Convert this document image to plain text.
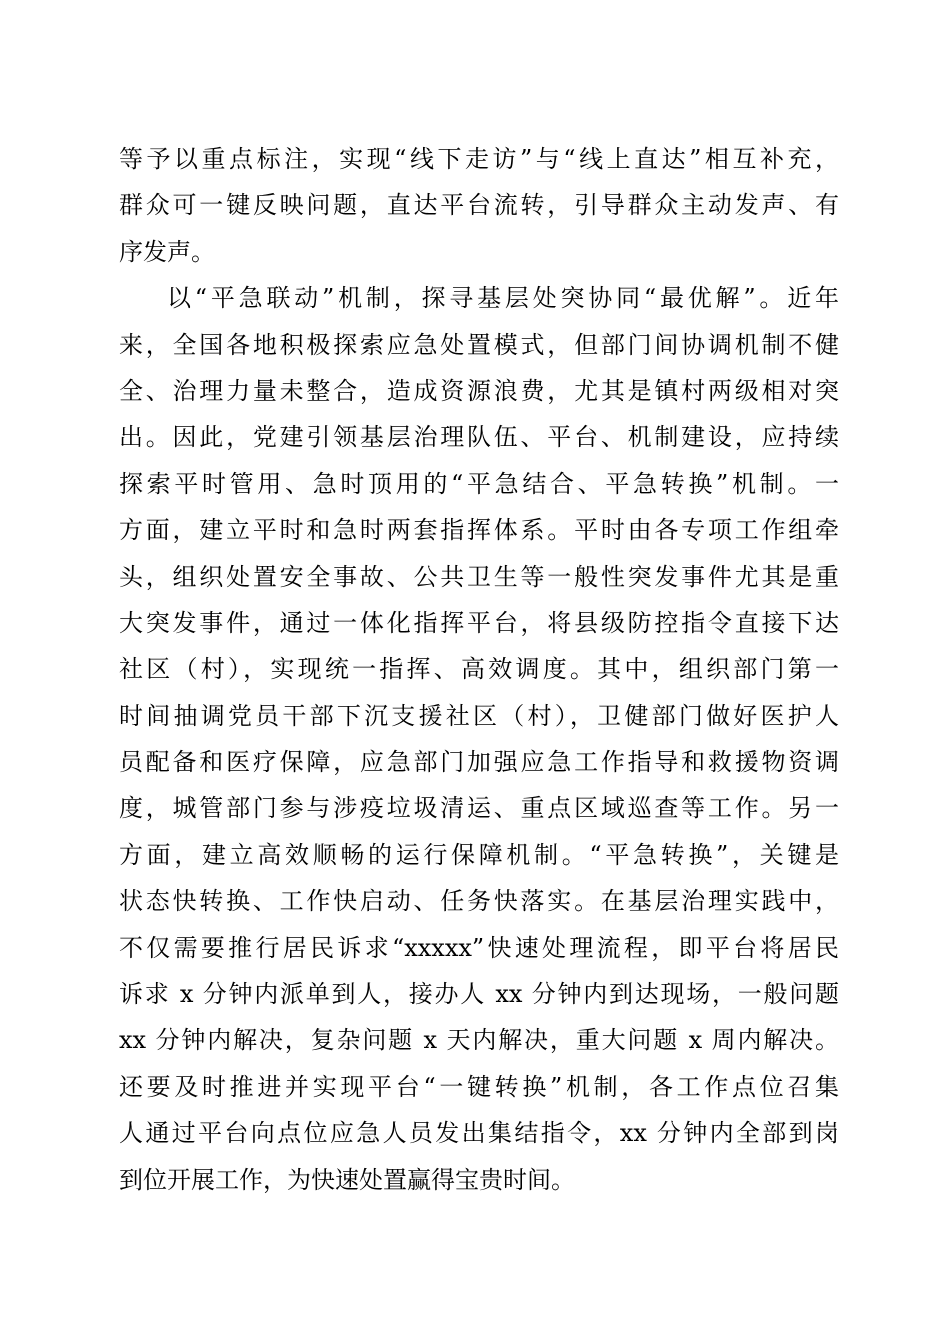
等予以重点标注，实现“线下走访”与“线上直达”相互补充，
群众可一键反映问题，直达平台流转，引导群众主动发声、有
序发声。
以“平急联动”机制，探寻基层处突协同“最优解”。近年
来，全国各地积极探索应急处置模式，但部门间协调机制不健
全、治理力量未整合，造成资源浪费，尤其是镇村两级相对突
出。因此，党建引领基层治理队伍、平台、机制建设，应持续
探索平时管用、急时顶用的“平急结合、平急转换”机制。一
方面，建立平时和急时两套指挥体系。平时由各专项工作组牵
头，组织处置安全事故、公共卫生等一般性突发事件尤其是重
大突发事件，通过一体化指挥平台，将县级防控指令直接下达
社区（村），实现统一指挥、高效调度。其中，组织部门第一
时间抽调党员干部下沉支援社区（村），卫健部门做好医护人
员配备和医疗保障，应急部门加强应急工作指导和救援物资调
度，城管部门参与涉疫垃圾清运、重点区域巡查等工作。另一
方面，建立高效顺畅的运行保障机制。“平急转换”，关键是
状态快转换、工作快启动、任务快落实。在基层治理实践中，
不仅需要推行居民诉求“xxxxx”快速处理流程，即平台将居民
诉求 x 分钟内派单到人，接办人 xx 分钟内到达现场，一般问题
xx 分钟内解决，复杂问题 x 天内解决，重大问题 x 周内解决。
还要及时推进并实现平台“一键转换”机制，各工作点位召集
人通过平台向点位应急人员发出集结指令，xx 分钟内全部到岗
到位开展工作，为快速处置赢得宝贵时间。
